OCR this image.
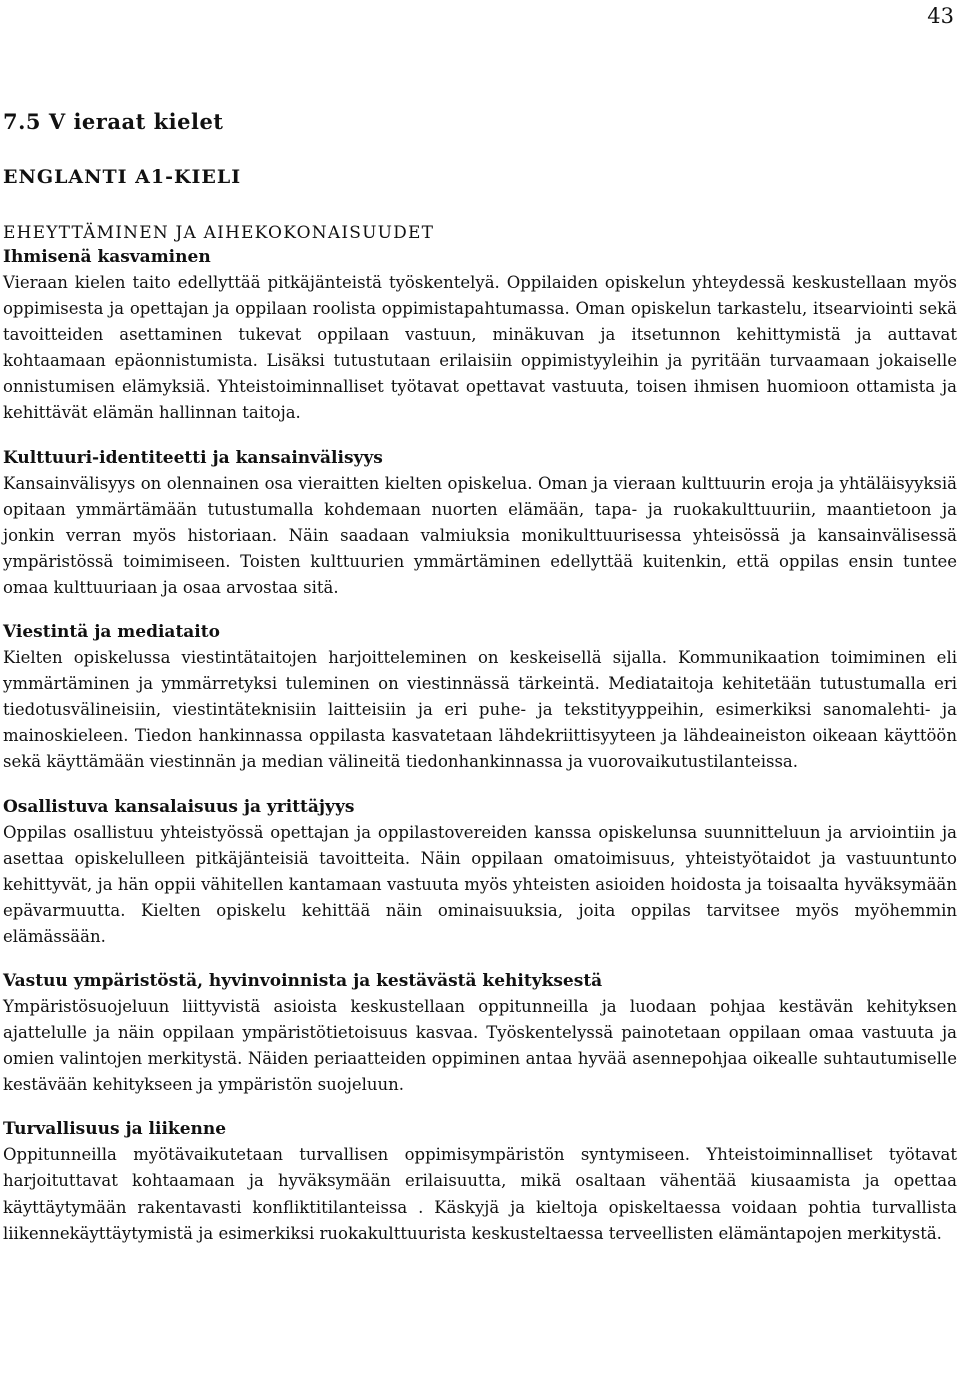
43
7.5 V ieraat kielet
ENGLANTI A1-KIELI
EHEYTTÄMINEN JA AIHEKOKONAISUUDET
Ihmisenä kasvaminen

Vieraan kielen taito edellyttää pitkäjänteistä työskentelyä. Oppilaiden opiskelun yhteydessä keskustellaan myös oppimisesta ja opettajan ja oppilaan roolista oppimistapahtumassa. Oman opiskelun tarkastelu, itsearviointi sekä tavoitteiden asettaminen tukevat oppilaan vastuun, minäkuvan ja itsetunnon kehittymistä ja auttavat kohtaamaan epäonnistumista. Lisäksi tutustutaan erilaisiin oppimistyyleihin ja pyritään turvaamaan jokaiselle onnistumisen elämyksiä. Yhteistoiminnalliset työtavat opettavat vastuuta, toisen ihmisen huomioon ottamista ja kehittävät elämän hallinnan taitoja.

Kulttuuri-identiteetti ja kansainvälisyys

Kansainvälisyys on olennainen osa vieraitten kielten opiskelua. Oman ja vieraan kulttuurin eroja ja yhtäläisyyksiä opitaan ymmärtämään tutustumalla kohdemaan nuorten elämään, tapa- ja ruokakulttuuriin, maantietoon ja jonkin verran myös historiaan. Näin saadaan valmiuksia monikulttuurisessa yhteisössä ja kansainvälisessä ympäristössä toimimiseen. Toisten kulttuurien ymmärtäminen edellyttää kuitenkin, että oppilas ensin tuntee omaa kulttuuriaan ja osaa arvostaa sitä.

Viestintä ja mediataito

Kielten opiskelussa viestintätaitojen harjoitteleminen on keskeisellä sijalla. Kommunikaation toimiminen eli ymmärtäminen ja ymmärretyksi tuleminen on viestinnässä tärkeintä. Mediataitoja kehitetään tutustumalla eri tiedotusvälineisiin, viestintäteknisiin laitteisiin ja eri puhe- ja tekstityyppeihin, esimerkiksi sanomalehti- ja mainoskieleen. Tiedon hankinnassa oppilasta kasvatetaan lähdekriittisyyteen ja lähdeaineiston oikeaan käyttöön sekä käyttämään viestinnän ja median välineitä tiedonhankinnassa ja vuorovaikutustilanteissa.

Osallistuva kansalaisuus ja yrittäjyys

Oppilas osallistuu yhteistyössä opettajan ja oppilastovereiden kanssa opiskelunsa suunnitteluun ja arviointiin ja asettaa opiskelulleen pitkäjänteisiä tavoitteita. Näin oppilaan omatoimisuus, yhteistyötaidot ja vastuuntunto kehittyvät, ja hän oppii vähitellen kantamaan vastuuta myös yhteisten asioiden hoidosta ja toisaalta hyväksymään epävarmuutta. Kielten opiskelu kehittää näin ominaisuuksia, joita oppilas tarvitsee myös myöhemmin elämässään.

Vastuu ympäristöstä, hyvinvoinnista ja kestävästä kehityksestä

Ympäristösuojeluun liittyvistä asioista keskustellaan oppitunneilla ja luodaan pohjaa kestävän kehityksen ajattelulle ja näin oppilaan ympäristötietoisuus kasvaa. Työskentelyssä painotetaan oppilaan omaa vastuuta ja omien valintojen merkitystä. Näiden periaatteiden oppiminen antaa hyvää asennepohjaa oikealle suhtautumiselle kestävään kehitykseen ja ympäristön suojeluun.

Turvallisuus ja liikenne

Oppitunneilla myötävaikutetaan turvallisen oppimisympäristön syntymiseen. Yhteistoiminnalliset työtavat harjoituttavat kohtaamaan ja hyväksymään erilaisuutta, mikä osaltaan vähentää kiusaamista ja opettaa käyttäytymään rakentavasti konfliktitilanteissa . Käskyjä ja kieltoja opiskeltaessa voidaan pohtia turvallista liikennekäyttäytymistä ja esimerkiksi ruokakulttuurista keskusteltaessa terveellisten elämäntapojen merkitystä.
